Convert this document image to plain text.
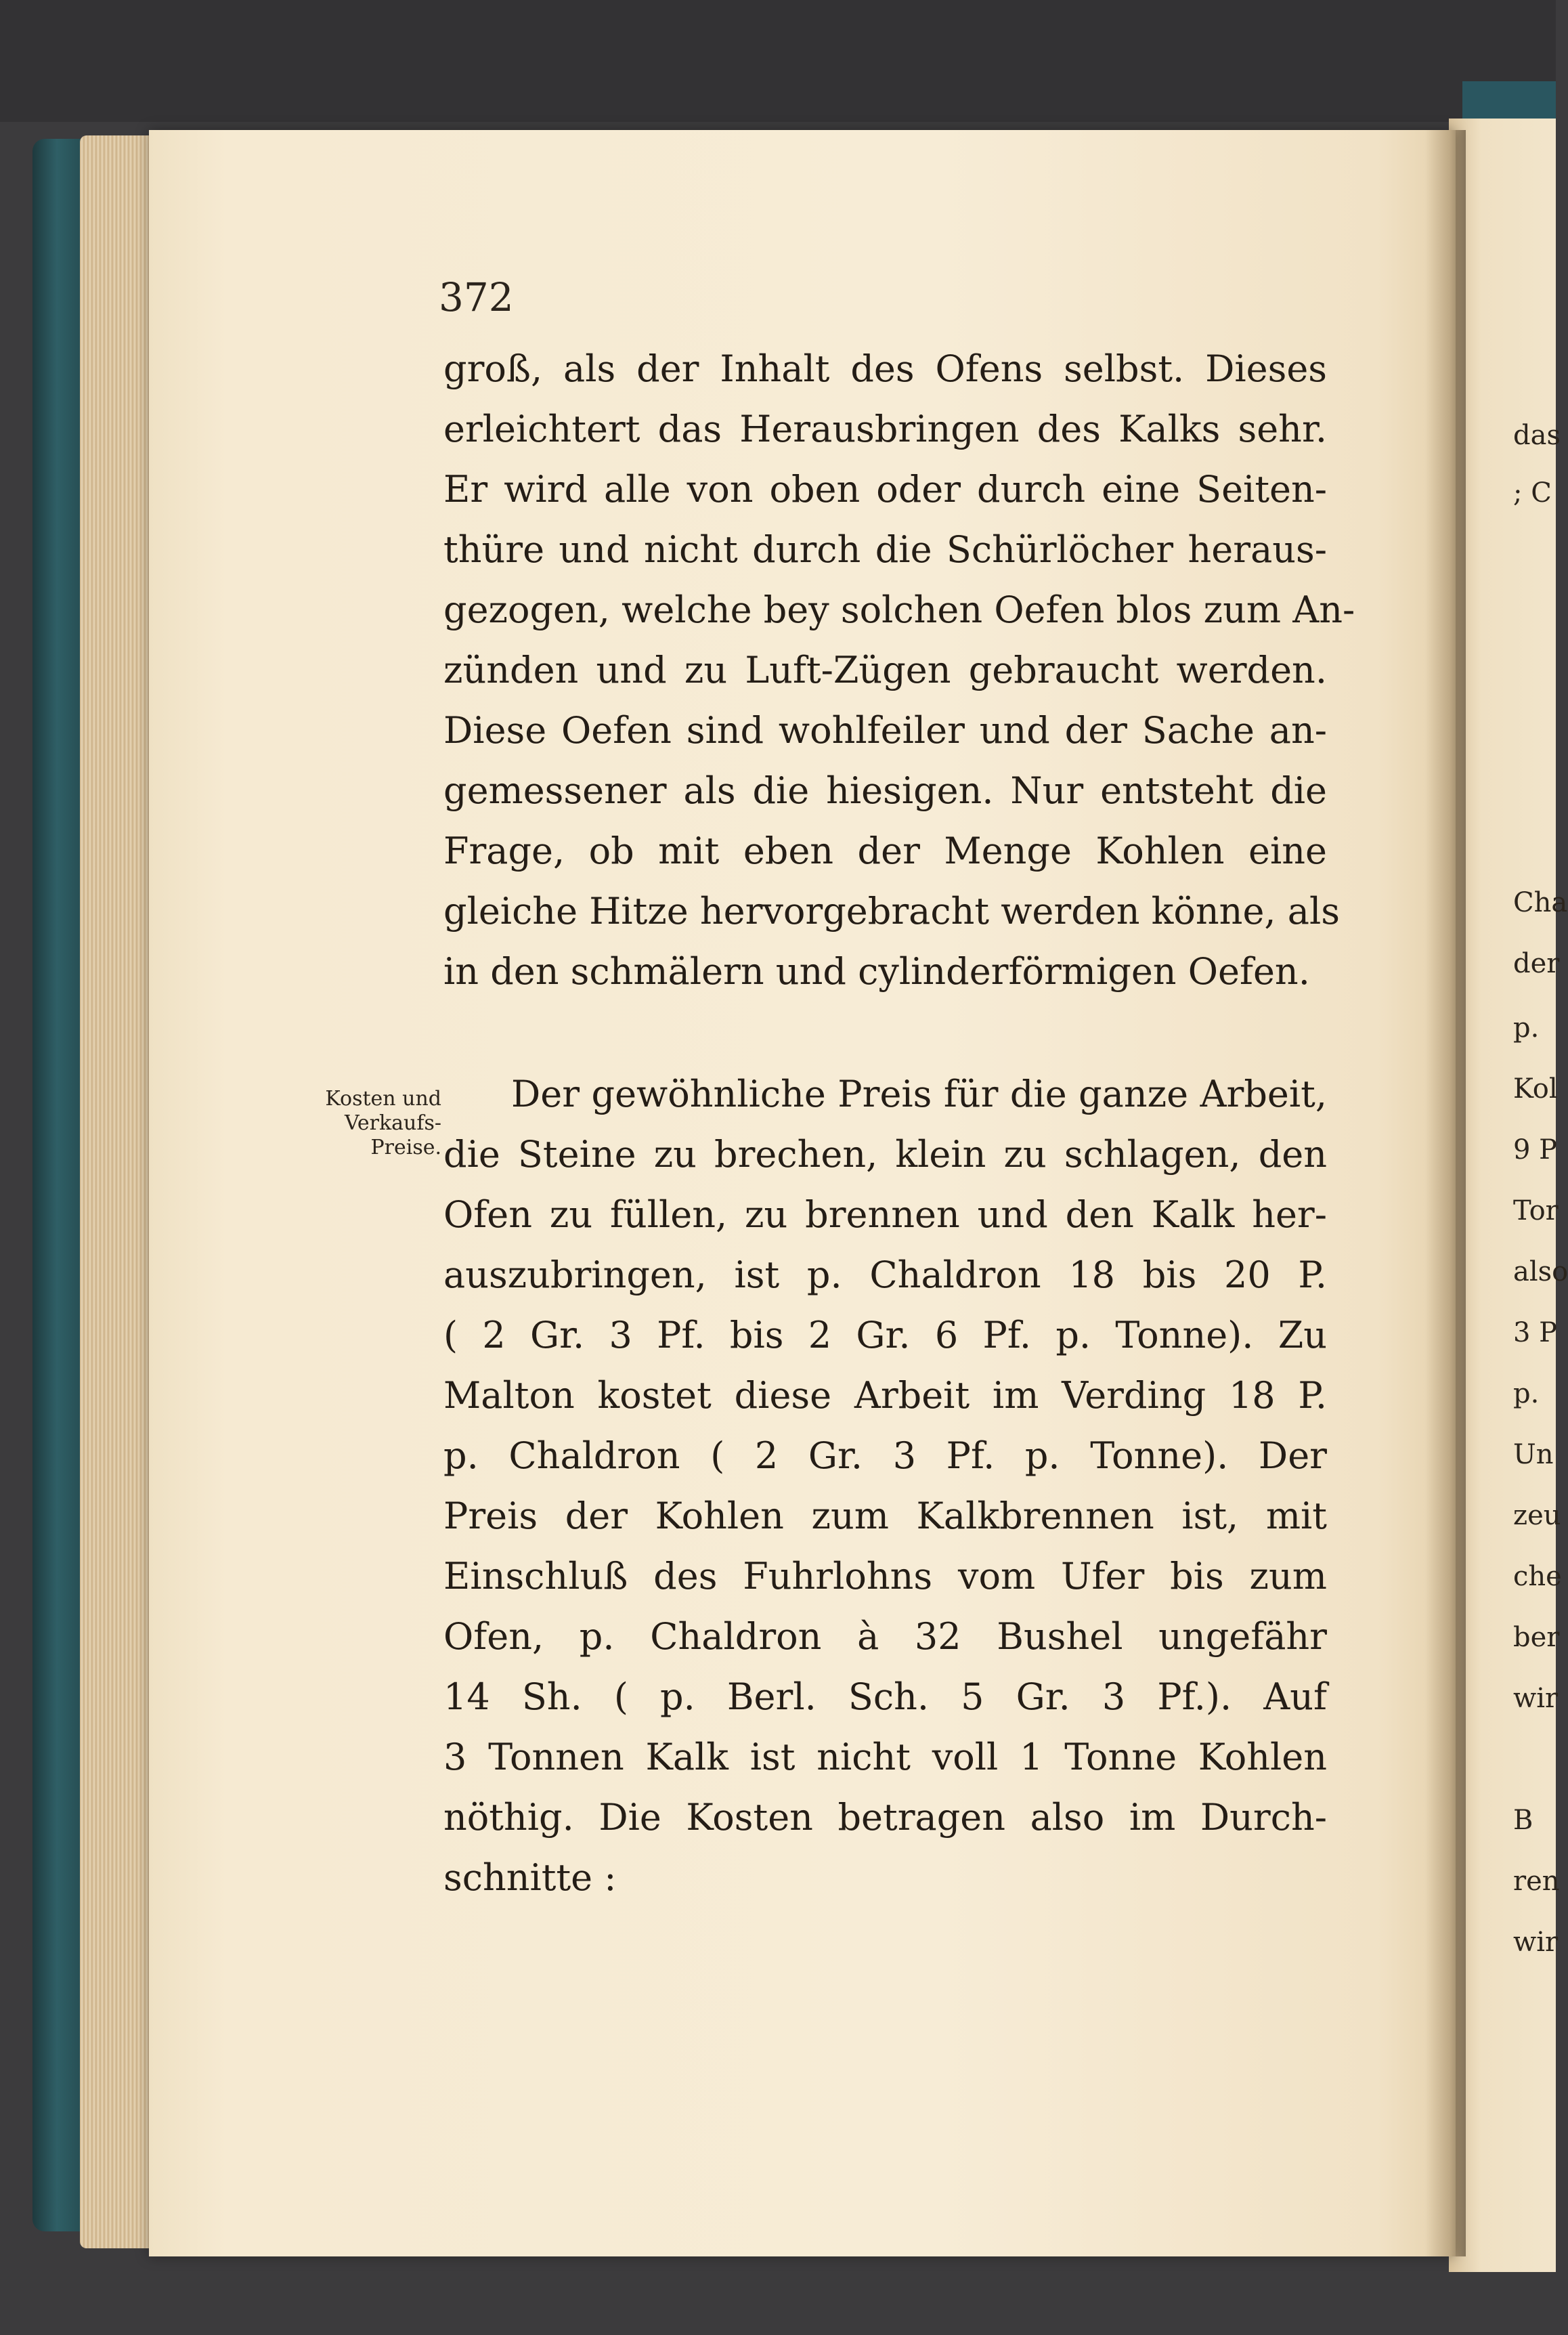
372
groß, als der Inhalt des Ofens selbst. Dieses
erleichtert das Herausbringen des Kalks sehr.
Er wird alle von oben oder durch eine Seiten-
thüre und nicht durch die Schürlöcher heraus-
gezogen, welche bey solchen Oefen blos zum An-
zünden und zu Luft-Zügen gebraucht werden.
Diese Oefen sind wohlfeiler und der Sache an-
gemessener als die hiesigen. Nur entsteht die
Frage, ob mit eben der Menge Kohlen eine
gleiche Hitze hervorgebracht werden könne, als
in den schmälern und cylinderförmigen Oefen.
Der gewöhnliche Preis für die ganze Arbeit,
die Steine zu brechen, klein zu schlagen, den
Ofen zu füllen, zu brennen und den Kalk her-
auszubringen, ist p. Chaldron 18 bis 20 P.
( 2 Gr. 3 Pf. bis 2 Gr. 6 Pf. p. Tonne). Zu
Malton kostet diese Arbeit im Verding 18 P.
p. Chaldron ( 2 Gr. 3 Pf. p. Tonne). Der
Preis der Kohlen zum Kalkbrennen ist, mit
Einschluß des Fuhrlohns vom Ufer bis zum
Ofen, p. Chaldron à 32 Bushel ungefähr
14 Sh. ( p. Berl. Sch. 5 Gr. 3 Pf.). Auf
3 Tonnen Kalk ist nicht voll 1 Tonne Kohlen
nöthig. Die Kosten betragen also im Durch-
schnitte :
Kosten und
Verkaufs-
Preise.
das
; C
Cha
der
p.
Kol
9 P
Tor
also
3 P
p.
Un
zeu
che
ber
wir
B
ren
wir
